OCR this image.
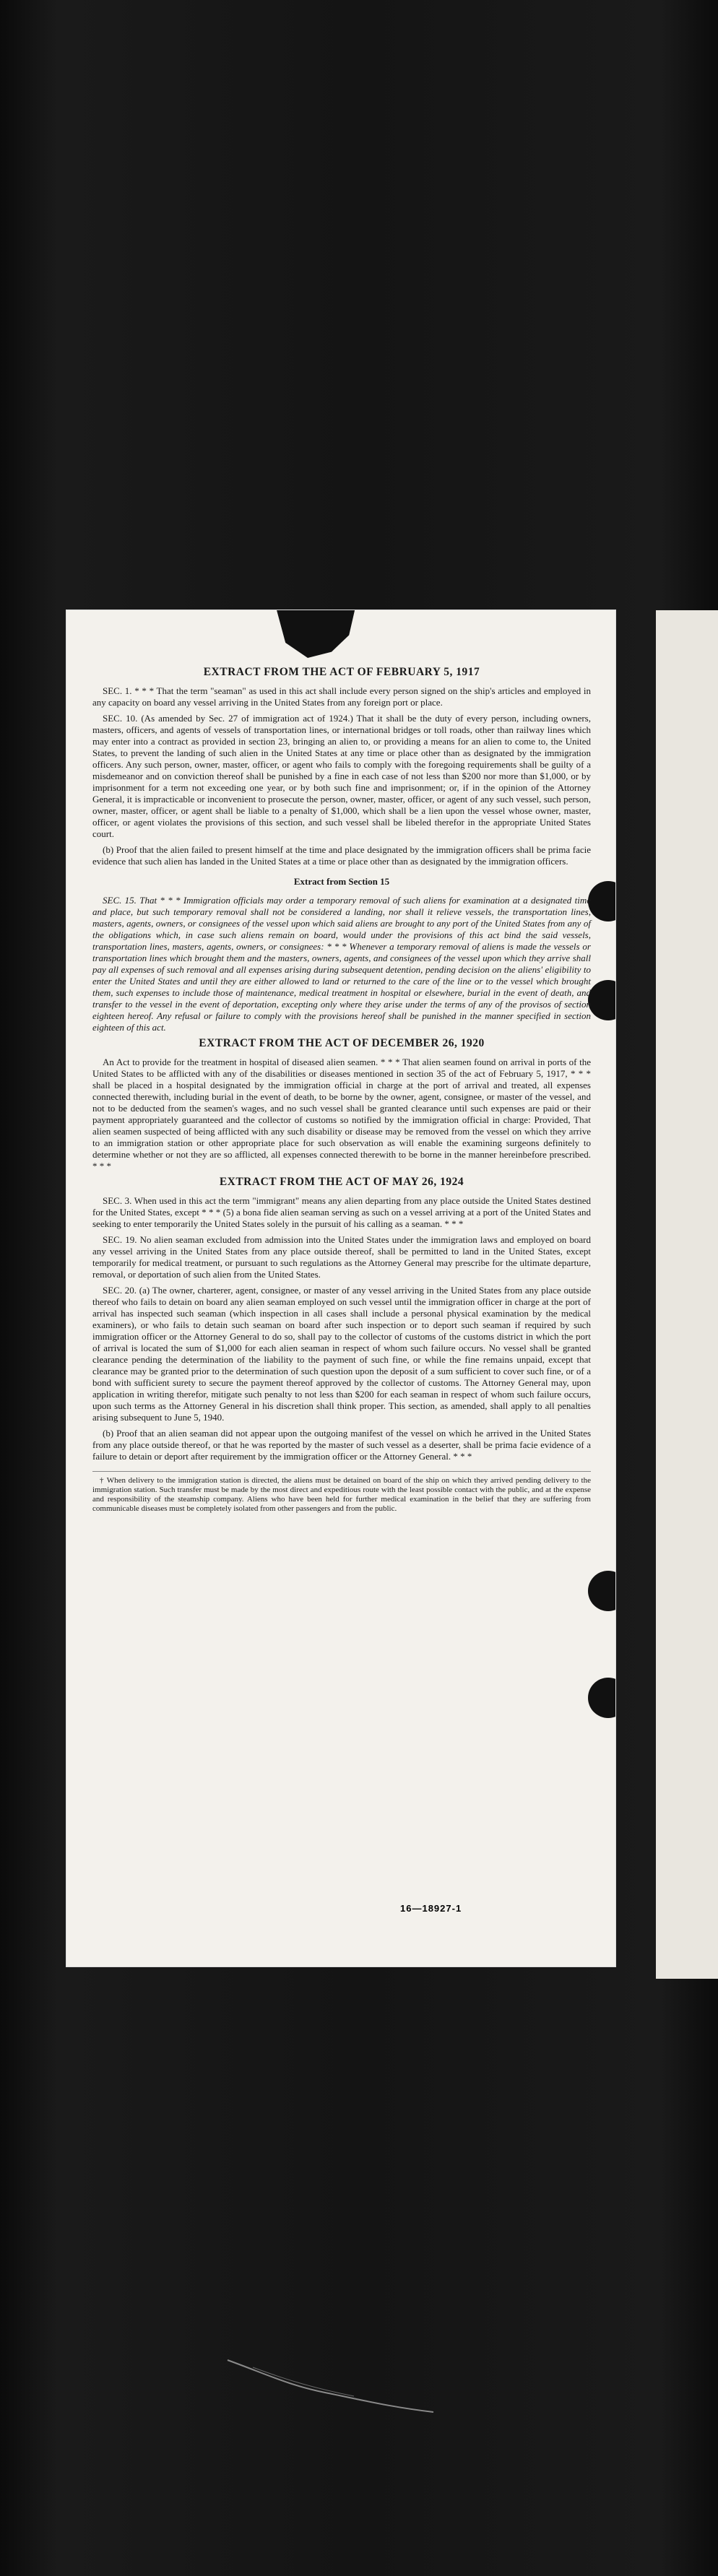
EXTRACT FROM THE ACT OF FEBRUARY 5, 1917

SEC. 1. * * * That the term "seaman" as used in this act shall include every person signed on the ship's articles and employed in any capacity on board any vessel arriving in the United States from any foreign port or place.

SEC. 10. (As amended by Sec. 27 of immigration act of 1924.) That it shall be the duty of every person, including owners, masters, officers, and agents of vessels of transportation lines, or international bridges or toll roads, other than railway lines which may enter into a contract as provided in section 23, bringing an alien to, or providing a means for an alien to come to, the United States, to prevent the landing of such alien in the United States at any time or place other than as designated by the immigration officers. Any such person, owner, master, officer, or agent who fails to comply with the foregoing requirements shall be guilty of a misdemeanor and on conviction thereof shall be punished by a fine in each case of not less than $200 nor more than $1,000, or by imprisonment for a term not exceeding one year, or by both such fine and imprisonment; or, if in the opinion of the Attorney General, it is impracticable or inconvenient to prosecute the person, owner, master, officer, or agent of any such vessel, such person, owner, master, officer, or agent shall be liable to a penalty of $1,000, which shall be a lien upon the vessel whose owner, master, officer, or agent violates the provisions of this section, and such vessel shall be libeled therefor in the appropriate United States court.

(b) Proof that the alien failed to present himself at the time and place designated by the immigration officers shall be prima facie evidence that such alien has landed in the United States at a time or place other than as designated by the immigration officers.

Extract from Section 15

SEC. 15. That * * * Immigration officials may order a temporary removal of such aliens for examination at a designated time and place, but such temporary removal shall not be considered a landing, nor shall it relieve vessels, the transportation lines, masters, agents, owners, or consignees of the vessel upon which said aliens are brought to any port of the United States from any of the obligations which, in case such aliens remain on board, would under the provisions of this act bind the said vessels, transportation lines, masters, agents, owners, or consignees: * * * Whenever a temporary removal of aliens is made the vessels or transportation lines which brought them and the masters, owners, agents, and consignees of the vessel upon which they arrive shall pay all expenses of such removal and all expenses arising during subsequent detention, pending decision on the aliens' eligibility to enter the United States and until they are either allowed to land or returned to the care of the line or to the vessel which brought them, such expenses to include those of maintenance, medical treatment in hospital or elsewhere, burial in the event of death, and transfer to the vessel in the event of deportation, excepting only where they arise under the terms of any of the provisos of section eighteen hereof. Any refusal or failure to comply with the provisions hereof shall be punished in the manner specified in section eighteen of this act.

EXTRACT FROM THE ACT OF DECEMBER 26, 1920

An Act to provide for the treatment in hospital of diseased alien seamen. * * * That alien seamen found on arrival in ports of the United States to be afflicted with any of the disabilities or diseases mentioned in section 35 of the act of February 5, 1917, * * * shall be placed in a hospital designated by the immigration official in charge at the port of arrival and treated, all expenses connected therewith, including burial in the event of death, to be borne by the owner, agent, consignee, or master of the vessel, and not to be deducted from the seamen's wages, and no such vessel shall be granted clearance until such expenses are paid or their payment appropriately guaranteed and the collector of customs so notified by the immigration official in charge: Provided, That alien seamen suspected of being afflicted with any such disability or disease may be removed from the vessel on which they arrive to an immigration station or other appropriate place for such observation as will enable the examining surgeons definitely to determine whether or not they are so afflicted, all expenses connected therewith to be borne in the manner hereinbefore prescribed. * * *

EXTRACT FROM THE ACT OF MAY 26, 1924

SEC. 3. When used in this act the term "immigrant" means any alien departing from any place outside the United States destined for the United States, except * * * (5) a bona fide alien seaman serving as such on a vessel arriving at a port of the United States and seeking to enter temporarily the United States solely in the pursuit of his calling as a seaman. * * *

SEC. 19. No alien seaman excluded from admission into the United States under the immigration laws and employed on board any vessel arriving in the United States from any place outside thereof, shall be permitted to land in the United States, except temporarily for medical treatment, or pursuant to such regulations as the Attorney General may prescribe for the ultimate departure, removal, or deportation of such alien from the United States.

SEC. 20. (a) The owner, charterer, agent, consignee, or master of any vessel arriving in the United States from any place outside thereof who fails to detain on board any alien seaman employed on such vessel until the immigration officer in charge at the port of arrival has inspected such seaman (which inspection in all cases shall include a personal physical examination by the medical examiners), or who fails to detain such seaman on board after such inspection or to deport such seaman if required by such immigration officer or the Attorney General to do so, shall pay to the collector of customs of the customs district in which the port of arrival is located the sum of $1,000 for each alien seaman in respect of whom such failure occurs. No vessel shall be granted clearance pending the determination of the liability to the payment of such fine, or while the fine remains unpaid, except that clearance may be granted prior to the determination of such question upon the deposit of a sum sufficient to cover such fine, or of a bond with sufficient surety to secure the payment thereof approved by the collector of customs. The Attorney General may, upon application in writing therefor, mitigate such penalty to not less than $200 for each seaman in respect of whom such failure occurs, upon such terms as the Attorney General in his discretion shall think proper. This section, as amended, shall apply to all penalties arising subsequent to June 5, 1940.

(b) Proof that an alien seaman did not appear upon the outgoing manifest of the vessel on which he arrived in the United States from any place outside thereof, or that he was reported by the master of such vessel as a deserter, shall be prima facie evidence of a failure to detain or deport after requirement by the immigration officer or the Attorney General. * * *

† When delivery to the immigration station is directed, the aliens must be detained on board of the ship on which they arrived pending delivery to the immigration station. Such transfer must be made by the most direct and expeditious route with the least possible contact with the public, and at the expense and responsibility of the steamship company. Aliens who have been held for further medical examination in the belief that they are suffering from communicable diseases must be completely isolated from other passengers and from the public.

16—18927-1
